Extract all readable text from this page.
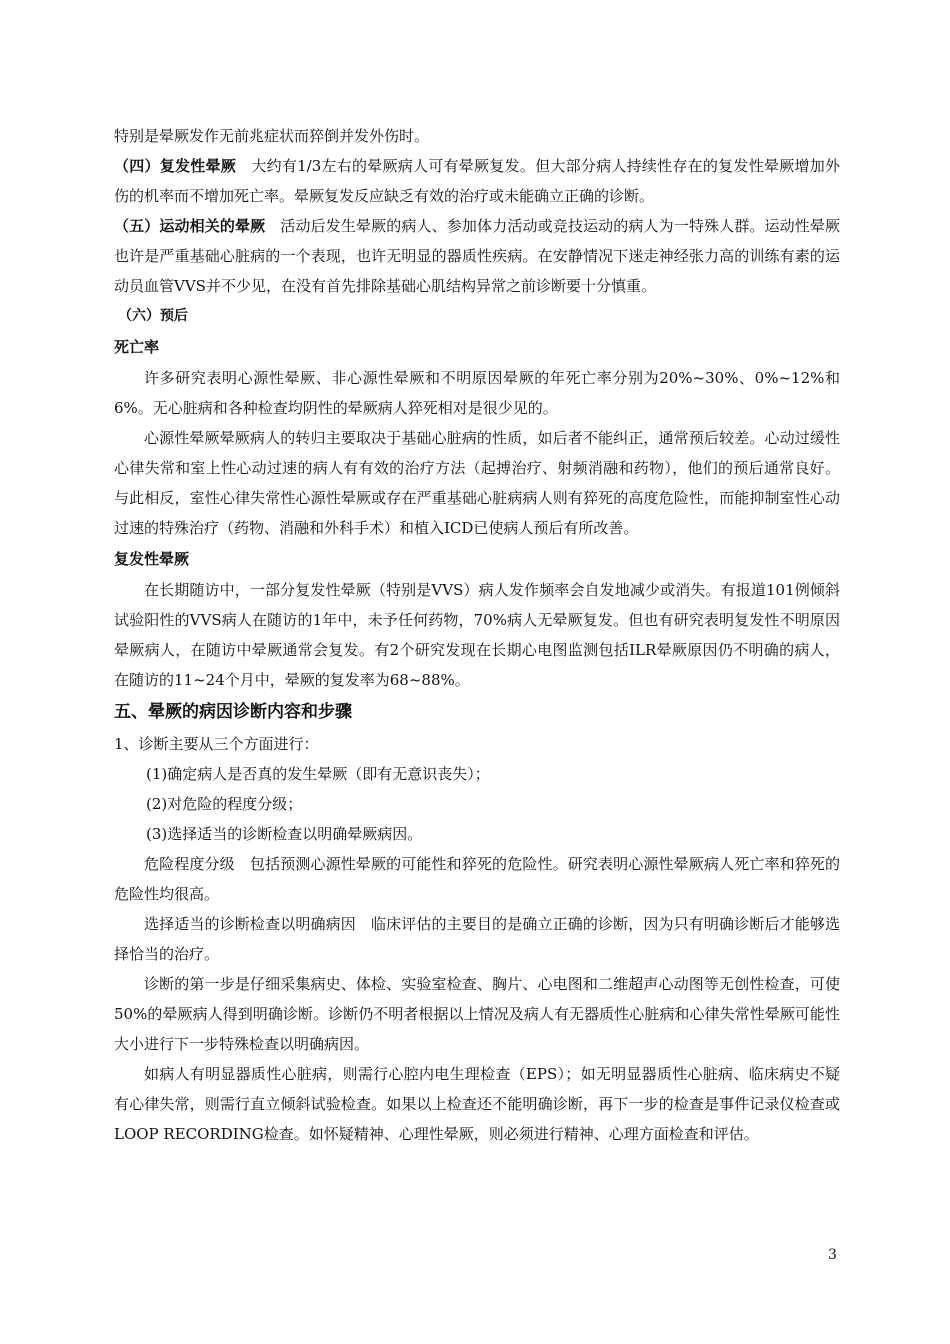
特别是晕厥发作无前兆症状而猝倒并发外伤时。

（四）复发性晕厥　大约有1/3左右的晕厥病人可有晕厥复发。但大部分病人持续性存在的复发性晕厥增加外伤的机率而不增加死亡率。晕厥复发反应缺乏有效的治疗或未能确立正确的诊断。

（五）运动相关的晕厥　活动后发生晕厥的病人、参加体力活动或竞技运动的病人为一特殊人群。运动性晕厥也许是严重基础心脏病的一个表现，也许无明显的器质性疾病。在安静情况下迷走神经张力高的训练有素的运动员血管VVS并不少见，在没有首先排除基础心肌结构异常之前诊断要十分慎重。

（六）预后

死亡率

许多研究表明心源性晕厥、非心源性晕厥和不明原因晕厥的年死亡率分别为20%~30%、0%~12%和6%。无心脏病和各种检查均阴性的晕厥病人猝死相对是很少见的。

心源性晕厥晕厥病人的转归主要取决于基础心脏病的性质，如后者不能纠正，通常预后较差。心动过缓性心律失常和室上性心动过速的病人有有效的治疗方法（起搏治疗、射频消融和药物），他们的预后通常良好。与此相反，室性心律失常性心源性晕厥或存在严重基础心脏病病人则有猝死的高度危险性，而能抑制室性心动过速的特殊治疗（药物、消融和外科手术）和植入ICD已使病人预后有所改善。

复发性晕厥

在长期随访中，一部分复发性晕厥（特别是VVS）病人发作频率会自发地减少或消失。有报道101例倾斜试验阳性的VVS病人在随访的1年中，未予任何药物，70%病人无晕厥复发。但也有研究表明复发性不明原因晕厥病人，在随访中晕厥通常会复发。有2个研究发现在长期心电图监测包括ILR晕厥原因仍不明确的病人，在随访的11~24个月中，晕厥的复发率为68~88%。

五、晕厥的病因诊断内容和步骤

1、诊断主要从三个方面进行：

(1)确定病人是否真的发生晕厥（即有无意识丧失）；

(2)对危险的程度分级；

(3)选择适当的诊断检查以明确晕厥病因。

危险程度分级　包括预测心源性晕厥的可能性和猝死的危险性。研究表明心源性晕厥病人死亡率和猝死的危险性均很高。

选择适当的诊断检查以明确病因　临床评估的主要目的是确立正确的诊断，因为只有明确诊断后才能够选择恰当的治疗。

诊断的第一步是仔细采集病史、体检、实验室检查、胸片、心电图和二维超声心动图等无创性检查，可使50%的晕厥病人得到明确诊断。诊断仍不明者根据以上情况及病人有无器质性心脏病和心律失常性晕厥可能性大小进行下一步特殊检查以明确病因。

如病人有明显器质性心脏病，则需行心腔内电生理检查（EPS）；如无明显器质性心脏病、临床病史不疑有心律失常，则需行直立倾斜试验检查。如果以上检查还不能明确诊断，再下一步的检查是事件记录仪检查或LOOP RECORDING检查。如怀疑精神、心理性晕厥，则必须进行精神、心理方面检查和评估。

3
